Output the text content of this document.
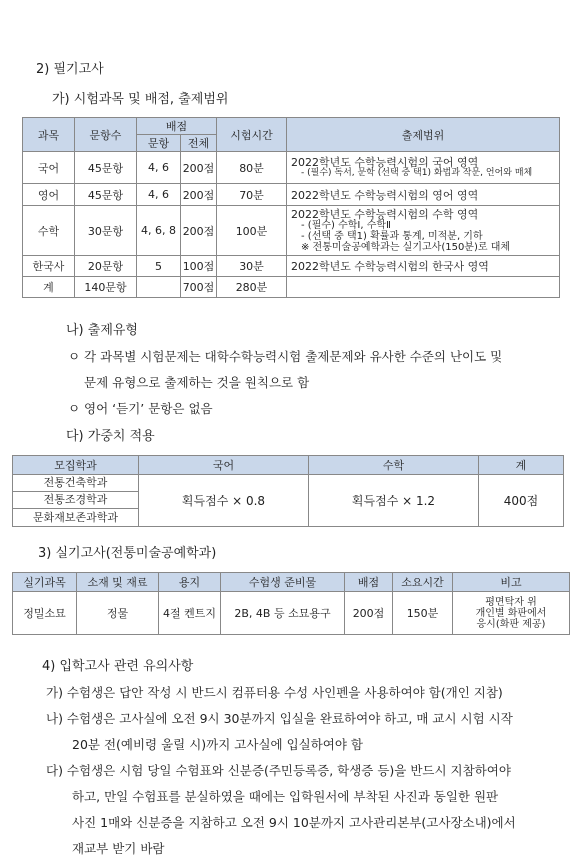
2) 필기고사
가) 시험과목 및 배점, 출제범위
과목	문항수	배점		시험시간	출제범위
		문항	전체		
국어	45문항	4, 6	200점	80분	2022학년도 수학능력시험의 국어 영역
- (필수) 독서, 문학 (선택 중 택1) 화법과 작문, 언어와 매체

영어	45문항	4, 6	200점	70분	2022학년도 수학능력시험의 영어 영역
수학	30문항	4, 6, 8	200점	100분	2022학년도 수학능력시험의 수학 영역
- (필수) 수학Ⅰ, 수학Ⅱ
- (선택 중 택1) 확률과 통계, 미적분, 기하
※ 전통미술공예학과는 실기고사(150분)로 대체

한국사	20문항	5	100점	30분	2022학년도 수학능력시험의 한국사 영역
계	140문항		700점	280분	
나) 출제유형
ㅇ 각 과목별 시험문제는 대학수학능력시험 출제문제와 유사한 수준의 난이도 및
문제 유형으로 출제하는 것을 원칙으로 함
ㅇ 영어 ‘듣기’ 문항은 없음
다) 가중치 적용
모집학과	국어	수학	계

전통건축학과
전통조경학과
문화재보존과학과	획득점수 × 0.8	획득점수 × 1.2	400점
3) 실기고사(전통미술공예학과)
실기과목	소재 및 재료	용지	수험생 준비물	배점	소요시간	비고
정밀소묘	정물	4절 켄트지	2B, 4B 등 소묘용구	200점	150분	평면탁자 위
개인별 화판에서
응시(화판 제공)
4) 입학고사 관련 유의사항
가) 수험생은 답안 작성 시 반드시 컴퓨터용 수성 사인펜을 사용하여야 함(개인 지참)
나) 수험생은 고사실에 오전 9시 30분까지 입실을 완료하여야 하고, 매 교시 시험 시작
20분 전(예비령 울릴 시)까지 고사실에 입실하여야 함
다) 수험생은 시험 당일 수험표와 신분증(주민등록증, 학생증 등)을 반드시 지참하여야
하고, 만일 수험표를 분실하였을 때에는 입학원서에 부착된 사진과 동일한 원판
사진 1매와 신분증을 지참하고 오전 9시 10분까지 고사관리본부(고사장소내)에서
재교부 받기 바람
